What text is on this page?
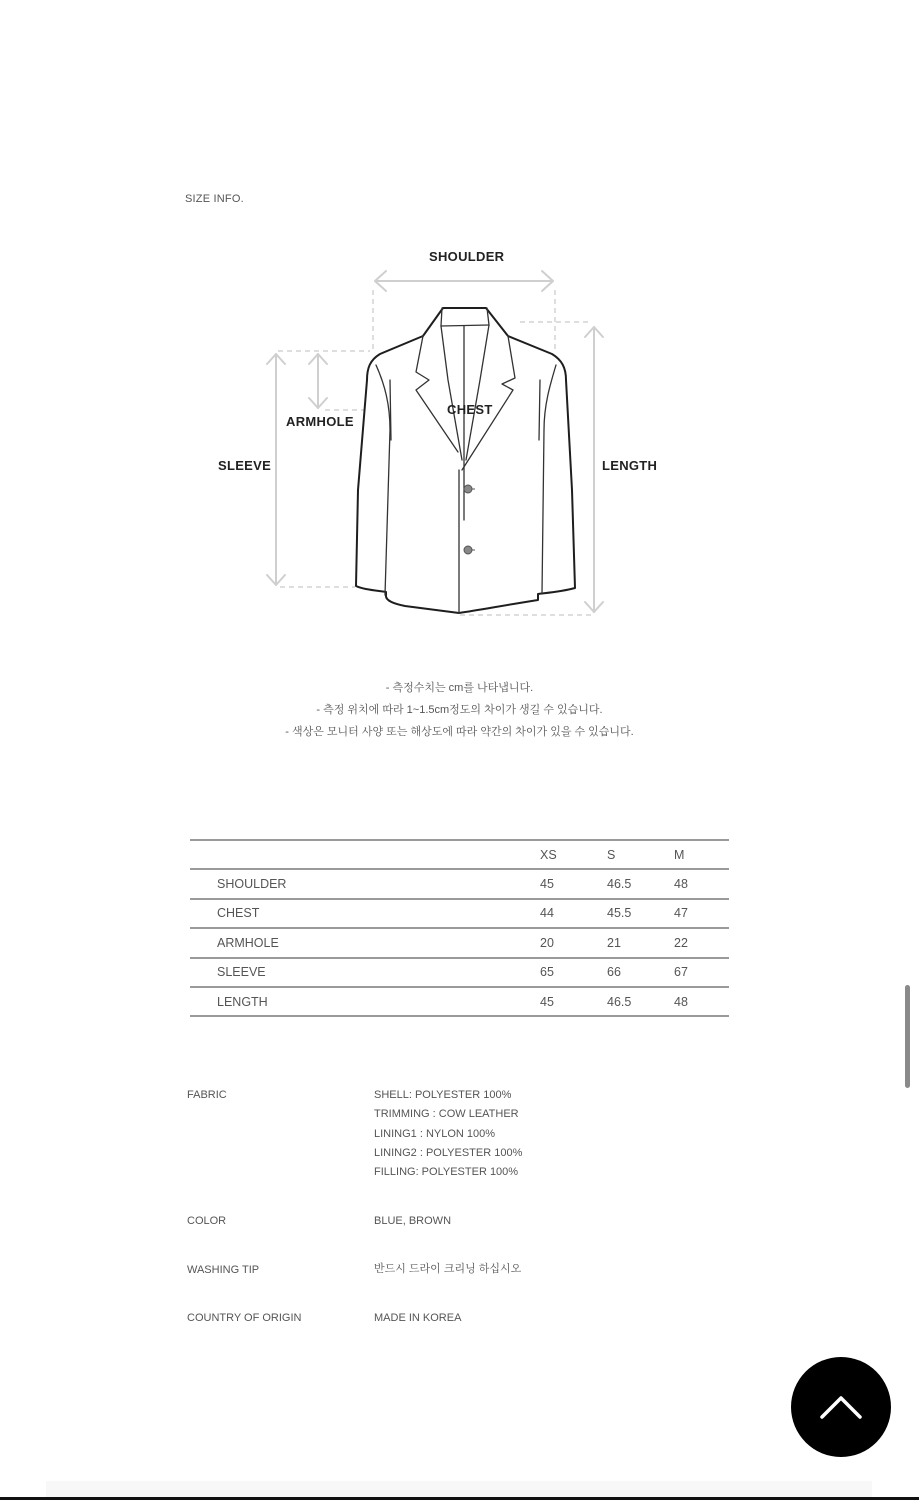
SIZE INFO.
SHOULDER
CHEST
ARMHOLE
SLEEVE	LENGTH
- 측정수치는 cm를 나타냅니다.
- 측정 위치에 따라 1~1.5cm정도의 차이가 생길 수 있습니다.
- 색상은 모니터 사양 또는 해상도에 따라 약간의 차이가 있을 수 있습니다.
	XS	S	M
SHOULDER	45	46.5	48
CHEST	44	45.5	47
ARMHOLE	20	21	22
SLEEVE	65	66	67
LENGTH	45	46.5	48
FABRIC	SHELL: POLYESTER 100%
TRIMMING : COW LEATHER
LINING1 : NYLON 100%
LINING2 : POLYESTER 100%
FILLING: POLYESTER 100%
COLOR	BLUE, BROWN
WASHING TIP	반드시 드라이 크리닝 하십시오
COUNTRY OF ORIGIN	MADE IN KOREA
